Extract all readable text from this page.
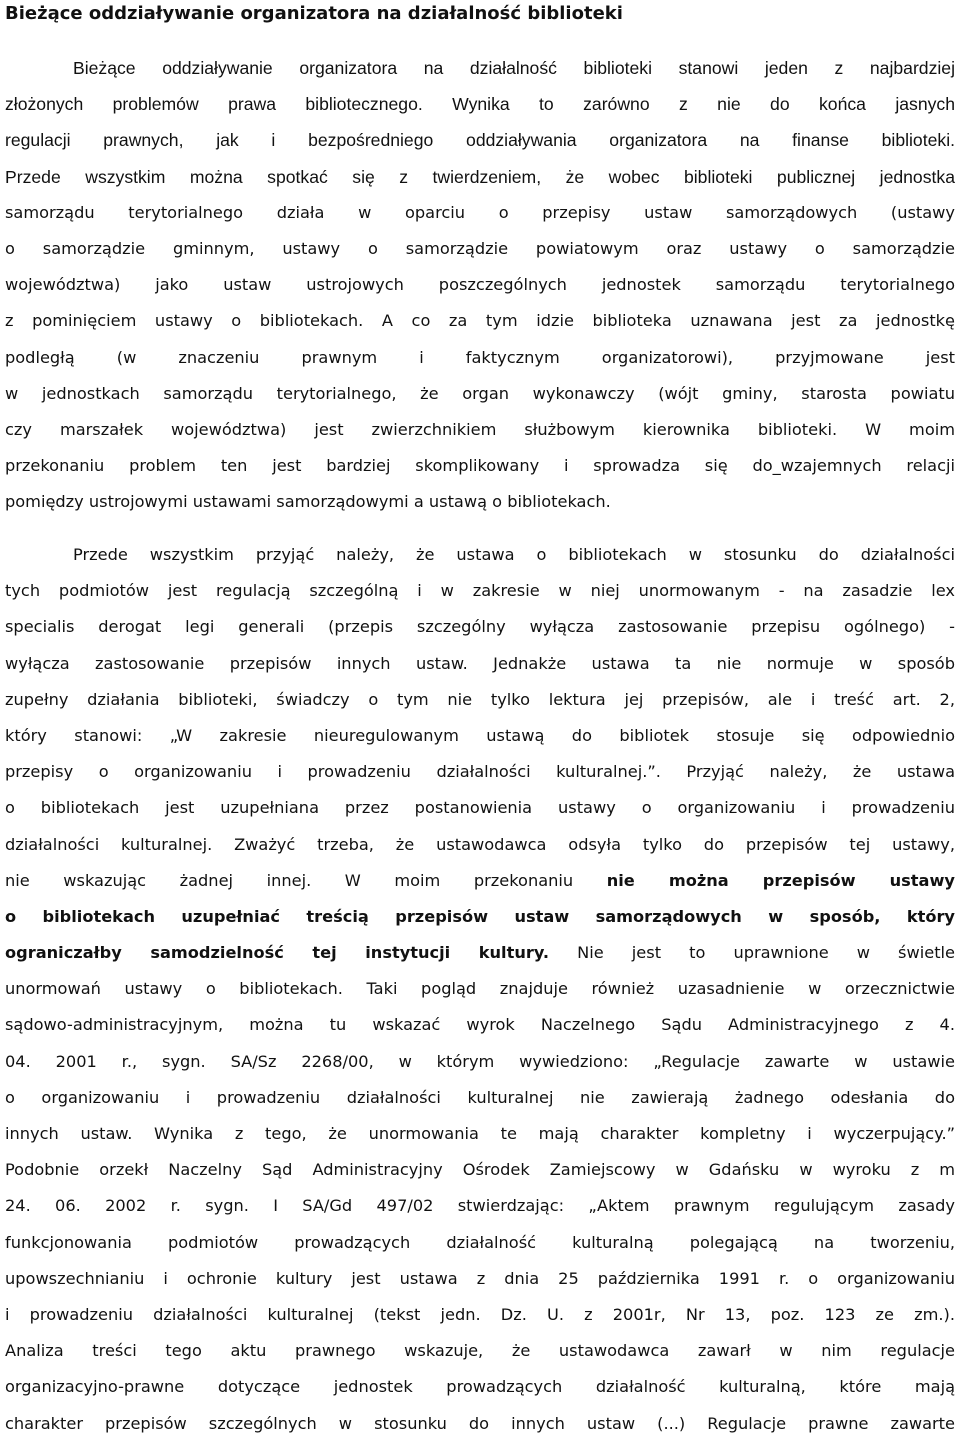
Bieżące oddziaływanie organizatora na działalność biblioteki
Bieżące oddziaływanie organizatora na działalność biblioteki stanowi jeden z najbardziej
złożonych problemów prawa bibliotecznego. Wynika to zarówno z nie do końca jasnych
regulacji prawnych, jak i bezpośredniego oddziaływania organizatora na finanse biblioteki.
Przede wszystkim można spotkać się z twierdzeniem, że wobec biblioteki publicznej jednostka
samorządu terytorialnego działa w oparciu o przepisy ustaw samorządowych (ustawy
o samorządzie gminnym, ustawy o samorządzie powiatowym oraz ustawy o samorządzie
województwa) jako ustaw ustrojowych poszczególnych jednostek samorządu terytorialnego
z pominięciem ustawy o bibliotekach. A co za tym idzie biblioteka uznawana jest za jednostkę
podległą (w znaczeniu prawnym i faktycznym organizatorowi), przyjmowane jest
w jednostkach samorządu terytorialnego, że organ wykonawczy (wójt gminy, starosta powiatu
czy marszałek województwa) jest zwierzchnikiem służbowym kierownika biblioteki. W moim
przekonaniu problem ten jest bardziej skomplikowany i sprowadza się do_wzajemnych relacji
pomiędzy ustrojowymi ustawami samorządowymi a ustawą o bibliotekach.
Przede wszystkim przyjąć należy, że ustawa o bibliotekach w stosunku do działalności
tych podmiotów jest regulacją szczególną i w zakresie w niej unormowanym - na zasadzie lex
specialis derogat legi generali (przepis szczególny wyłącza zastosowanie przepisu ogólnego) -
wyłącza zastosowanie przepisów innych ustaw. Jednakże ustawa ta nie normuje w sposób
zupełny działania biblioteki, świadczy o tym nie tylko lektura jej przepisów, ale i treść art. 2,
który stanowi: „W zakresie nieuregulowanym ustawą do bibliotek stosuje się odpowiednio
przepisy o organizowaniu i prowadzeniu działalności kulturalnej.”. Przyjąć należy, że ustawa
o bibliotekach jest uzupełniana przez postanowienia ustawy o organizowaniu i prowadzeniu
działalności kulturalnej. Zważyć trzeba, że ustawodawca odsyła tylko do przepisów tej ustawy,
nie wskazując żadnej innej. W moim przekonaniu nie można przepisów ustawy
o bibliotekach uzupełniać treścią przepisów ustaw samorządowych w sposób, który
ograniczałby samodzielność tej instytucji kultury. Nie jest to uprawnione w świetle
unormowań ustawy o bibliotekach. Taki pogląd znajduje również uzasadnienie w orzecznictwie
sądowo-administracyjnym, można tu wskazać wyrok Naczelnego Sądu Administracyjnego z 4.
04. 2001 r., sygn. SA/Sz 2268/00, w którym wywiedziono: „Regulacje zawarte w ustawie
o organizowaniu i prowadzeniu działalności kulturalnej nie zawierają żadnego odesłania do
innych ustaw. Wynika z tego, że unormowania te mają charakter kompletny i wyczerpujący.”
Podobnie orzekł Naczelny Sąd Administracyjny Ośrodek Zamiejscowy w Gdańsku w wyroku z m
24. 06. 2002 r. sygn. I SA/Gd 497/02 stwierdzając: „Aktem prawnym regulującym zasady
funkcjonowania podmiotów prowadzących działalność kulturalną polegającą na tworzeniu,
upowszechnianiu i ochronie kultury jest ustawa z dnia 25 października 1991 r. o organizowaniu
i prowadzeniu działalności kulturalnej (tekst jedn. Dz. U. z 2001r, Nr 13, poz. 123 ze zm.).
Analiza treści tego aktu prawnego wskazuje, że ustawodawca zawarł w nim regulacje
organizacyjno-prawne dotyczące jednostek prowadzących działalność kulturalną, które mają
charakter przepisów szczególnych w stosunku do innych ustaw (...) Regulacje prawne zawarte
